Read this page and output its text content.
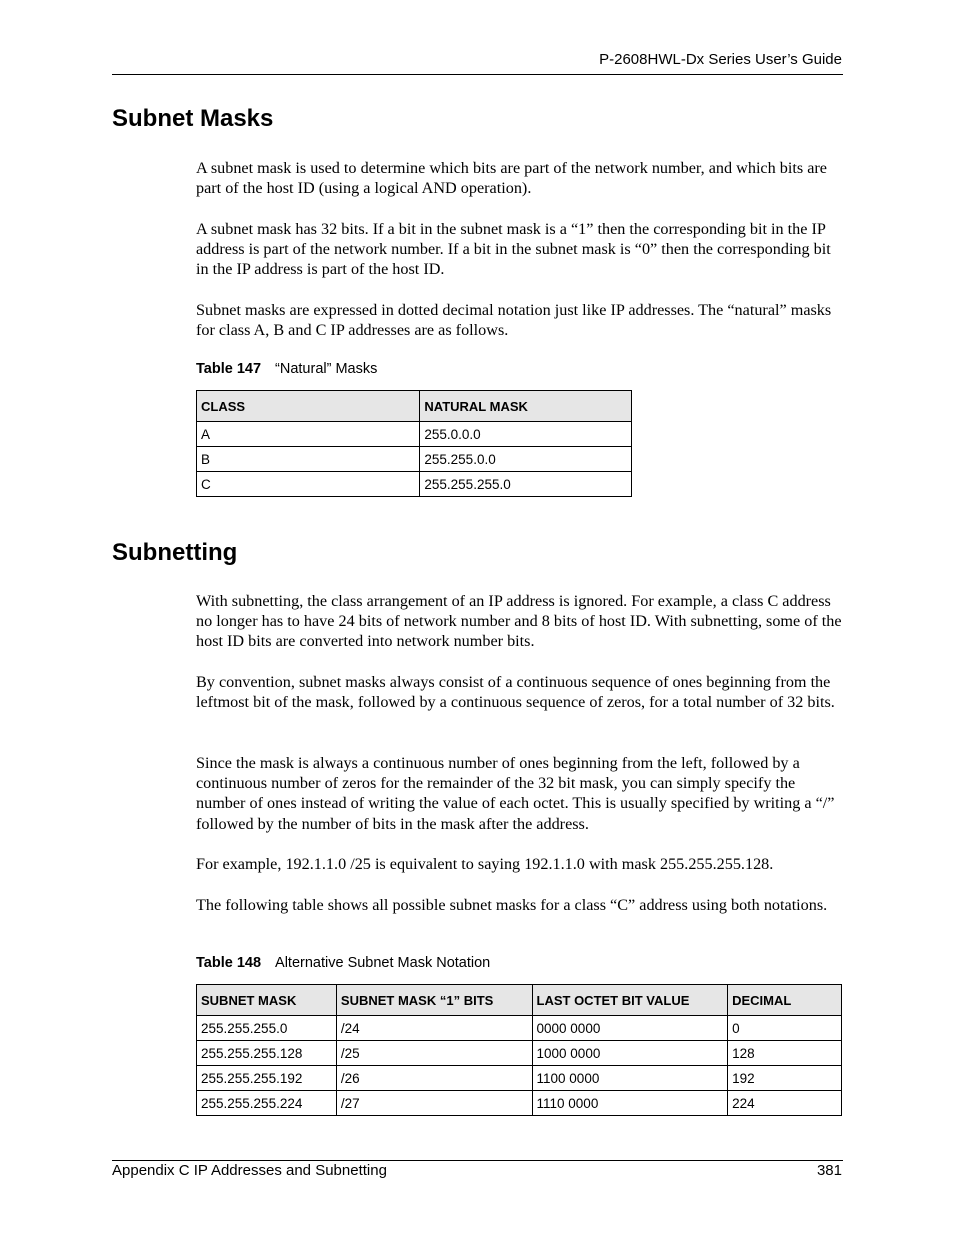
P-2608HWL-Dx Series User’s Guide
Subnet Masks

A subnet mask is used to determine which bits are part of the network number, and which bits are part of the host ID (using a logical AND operation).

A subnet mask has 32 bits. If a bit in the subnet mask is a “1” then the corresponding bit in the IP address is part of the network number. If a bit in the subnet mask is “0” then the corresponding bit in the IP address is part of the host ID.

Subnet masks are expressed in dotted decimal notation just like IP addresses. The “natural” masks for class A, B and C IP addresses are as follows.

Table 147 “Natural” Masks

CLASS	NATURAL MASK
A	255.0.0.0
B	255.255.0.0
C	255.255.255.0
Subnetting

With subnetting, the class arrangement of an IP address is ignored. For example, a class C address no longer has to have 24 bits of network number and 8 bits of host ID. With subnetting, some of the host ID bits are converted into network number bits.

By convention, subnet masks always consist of a continuous sequence of ones beginning from the leftmost bit of the mask, followed by a continuous sequence of zeros, for a total number of 32 bits.

Since the mask is always a continuous number of ones beginning from the left, followed by a continuous number of zeros for the remainder of the 32 bit mask, you can simply specify the number of ones instead of writing the value of each octet. This is usually specified by writing a “/” followed by the number of bits in the mask after the address.

For example, 192.1.1.0 /25 is equivalent to saying 192.1.1.0 with mask 255.255.255.128.

The following table shows all possible subnet masks for a class “C” address using both notations.

Table 148 Alternative Subnet Mask Notation

SUBNET MASK	SUBNET MASK “1” BITS	LAST OCTET BIT VALUE	DECIMAL
255.255.255.0	/24	0000 0000	0
255.255.255.128	/25	1000 0000	128
255.255.255.192	/26	1100 0000	192
255.255.255.224	/27	1110 0000	224
Appendix C IP Addresses and Subnetting	381
